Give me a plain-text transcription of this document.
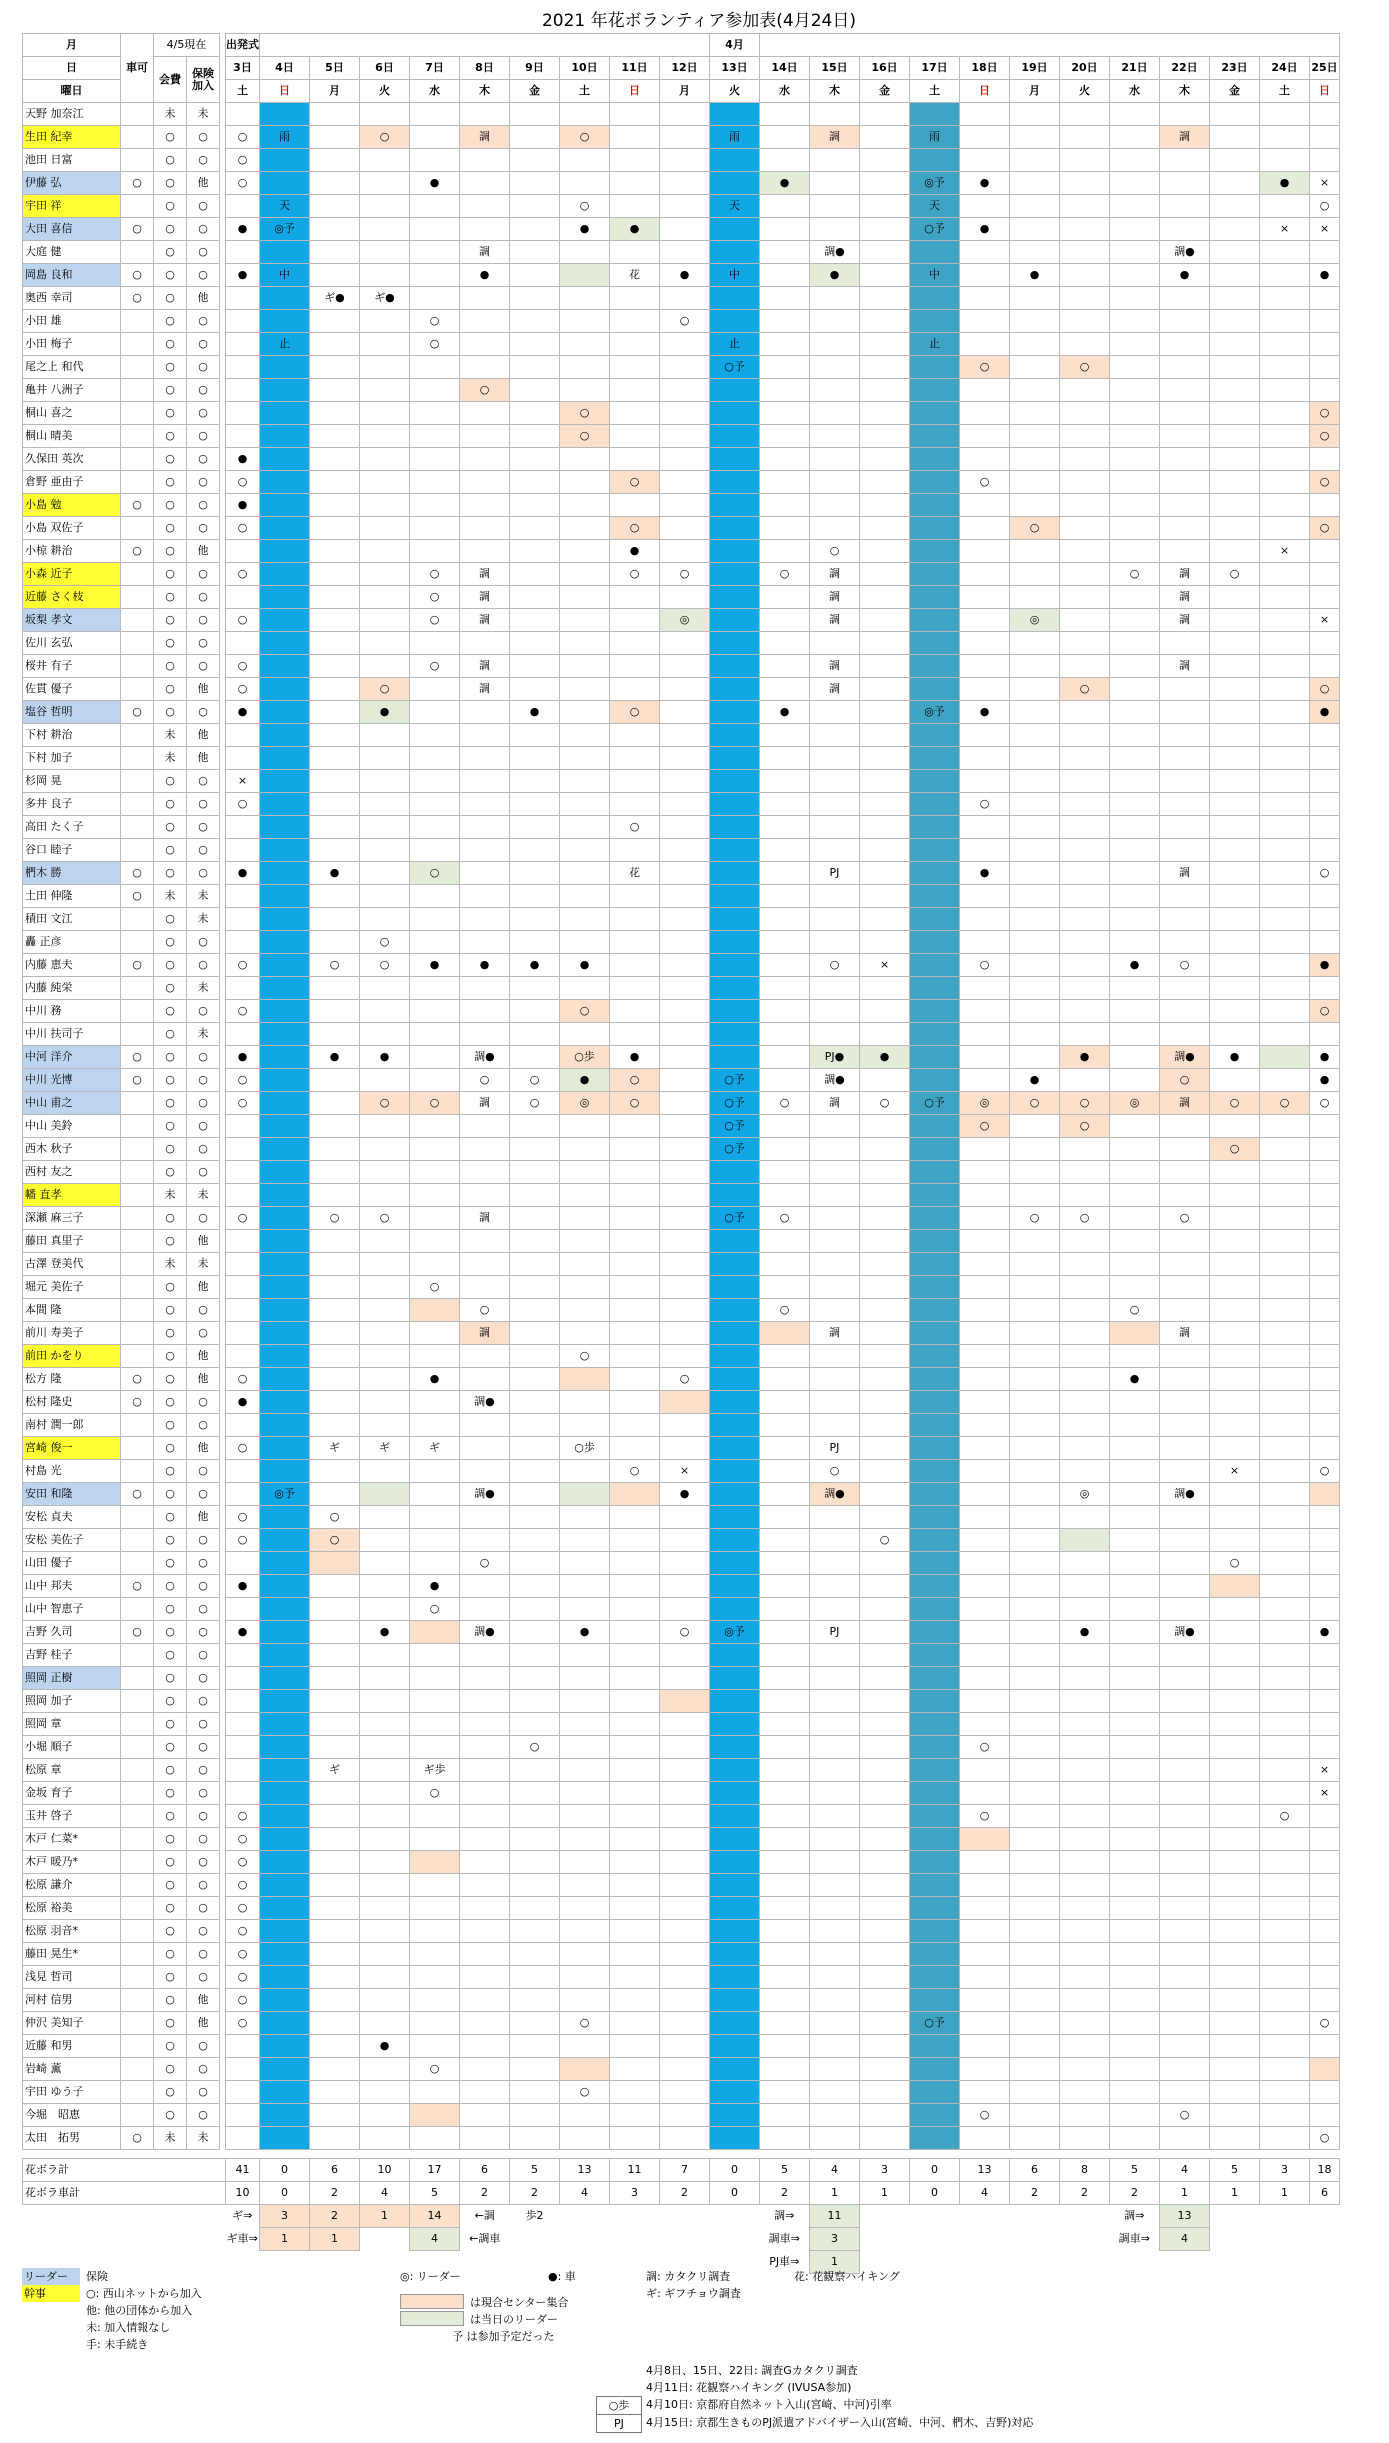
2021 年花ボランティア参加表(4月24日)
月	車可	4/5現在			出発式										4月												
日		会費	保険加入		3日	4日	5日	6日	7日	8日	9日	10日	11日	12日	13日	14日	15日	16日	17日	18日	19日	20日	21日	22日	23日	24日	25日
曜日					土	日	月	火	水	木	金	土	日	月	火	水	木	金	土	日	月	火	水	木	金	土	日
天野 加奈江		未	未																								
生田 紀幸		○	○		○	雨		○		調		○			雨		調		雨					調			
池田 日富		○	○		○																						
伊藤 弘	○	○	他		○				●							●			◎予	●						●	×
宇田 祥		○	○			天						○			天				天								○
大田 喜信	○	○	○		●	◎予						●	●						○予	●						×	×
大庭 健		○	○							調							調●							調●			
岡島 良和	○	○	○		●	中				●			花	●	中		●		中		●			●			●
奥西 幸司	○	○	他				ギ●	ギ●																			
小田 雄		○	○						○					○													
小田 梅子		○	○			止			○						止				止								
尾之上 和代		○	○												○予					○		○					
亀井 八洲子		○	○							○																	
桐山 喜之		○	○									○															○
桐山 晴美		○	○									○															○
久保田 英次		○	○		●																						
倉野 亜由子		○	○		○								○							○							○
小島 勉	○	○	○		●																						
小島 双佐子		○	○		○								○								○						○
小椋 耕治	○	○	他										●				○									×	
小森 近子		○	○		○				○	調			○	○		○	調						○	調	○		
近藤 さく枝		○	○						○	調							調							調			
坂梨 孝文		○	○		○				○	調				◎			調				◎			調			×
佐川 玄弘		○	○																								
桜井 有子		○	○		○				○	調							調							調			
佐貫 優子		○	他		○			○		調							調					○					○
塩谷 哲明	○	○	○		●			●			●		○			●			◎予	●							●
下村 耕治		未	他																								
下村 加子		未	他																								
杉岡 晃		○	○		×																						
多井 良子		○	○		○															○							
高田 たく子		○	○										○														
谷口 睦子		○	○																								
椚木 勝	○	○	○		●		●		○				花				PJ			●				調			○
土田 伸隆	○	未	未																								
積田 文江		○	未																								
轟 正彦		○	○					○																			
内藤 恵夫	○	○	○		○		○	○	●	●	●	●					○	×		○			●	○			●
内藤 純栄		○	未																								
中川 務		○	○		○							○															○
中川 扶司子		○	未																								
中河 洋介	○	○	○		●		●	●		調●		○歩	●				PJ●	●				●		調●	●		●
中川 光博	○	○	○		○					○	○	●	○		○予		調●				●			○			●
中山 甫之		○	○		○			○	○	調	○	◎	○		○予	○	調	○	○予	◎	○	○	◎	調	○	○	○
中山 美鈴		○	○												○予					○		○					
西木 秋子		○	○												○予										○		
西村 友之		○	○																								
幡 直孝		未	未																								
深瀬 麻三子		○	○		○		○	○		調					○予	○					○	○		○			
藤田 真里子		○	他																								
古澤 登美代		未	未																								
堀元 美佐子		○	他						○																		
本間 隆		○	○							○						○							○				
前川 寿美子		○	○							調							調							調			
前田 かをり		○	他									○															
松方 隆	○	○	他		○				●					○									●				
松村 隆史	○	○	○		●					調●																	
南村 潤一郎		○	○																								
宮崎 俊一		○	他		○		ギ	ギ	ギ			○歩					PJ										
村島 光		○	○										○	×			○								×		○
安田 和隆	○	○	○			◎予				調●				●			調●					◎		調●			
安松 貞夫		○	他		○		○																				
安松 美佐子		○	○		○		○											○									
山田 優子		○	○							○															○		
山中 邦夫	○	○	○		●				●																		
山中 智恵子		○	○						○																		
吉野 久司	○	○	○		●			●		調●		●		○	◎予		PJ					●		調●			●
吉野 桂子		○	○																								
照岡 正樹		○	○																								
照岡 加子		○	○																								
照岡 章		○	○																								
小堀 順子		○	○								○									○							
松原 章		○	○				ギ		ギ歩																		×
金坂 育子		○	○						○																		×
玉井 啓子		○	○		○															○						○	
木戸 仁菜*		○	○		○																						
木戸 暖乃*		○	○		○																						
松原 謙介		○	○		○																						
松原 裕美		○	○		○																						
松原 羽音*		○	○		○																						
藤田 晃生*		○	○		○																						
浅見 哲司		○	○		○																						
河村 信男		○	他		○																						
仲沢 美知子		○	他		○							○							○予								○
近藤 和男		○	○					●																			
岩崎 薫		○	○						○																		
宇田 ゆう子		○	○									○															
今堀　昭恵		○	○																	○				○			
太田　拓男	○	未	未																								○

花ボラ計					41	0	6	10	17	6	5	13	11	7	0	5	4	3	0	13	6	8	5	4	5	3	18
花ボラ車計					10	0	2	4	5	2	2	4	3	2	0	2	1	1	0	4	2	2	2	1	1	1	6
					ギ⇒	3	2	1	14	←調	歩2					調⇒	11						調⇒	13			
					ギ車⇒	1	1		4	←調車						調車⇒	3						調車⇒	4			
																PJ車⇒	1										
リーダー	保険
幹事	○: 西山ネットから加入
他: 他の団体から加入
未: 加入情報なし
手: 未手続き
◎: リーダー	●: 車
は現合センター集合
は当日のリーダー
予 は参加予定だった
調: カタクリ調査
ギ: ギフチョウ調査
花: 花観察ハイキング
4月8日、15日、22日: 調査Gカタクリ調査
4月11日: 花観察ハイキング (IVUSA参加)
○歩	4月10日: 京都府自然ネット入山(宮崎、中河)引率
PJ	4月15日: 京都生きものPJ派遣アドバイザー入山(宮崎、中河、椚木、吉野)対応
